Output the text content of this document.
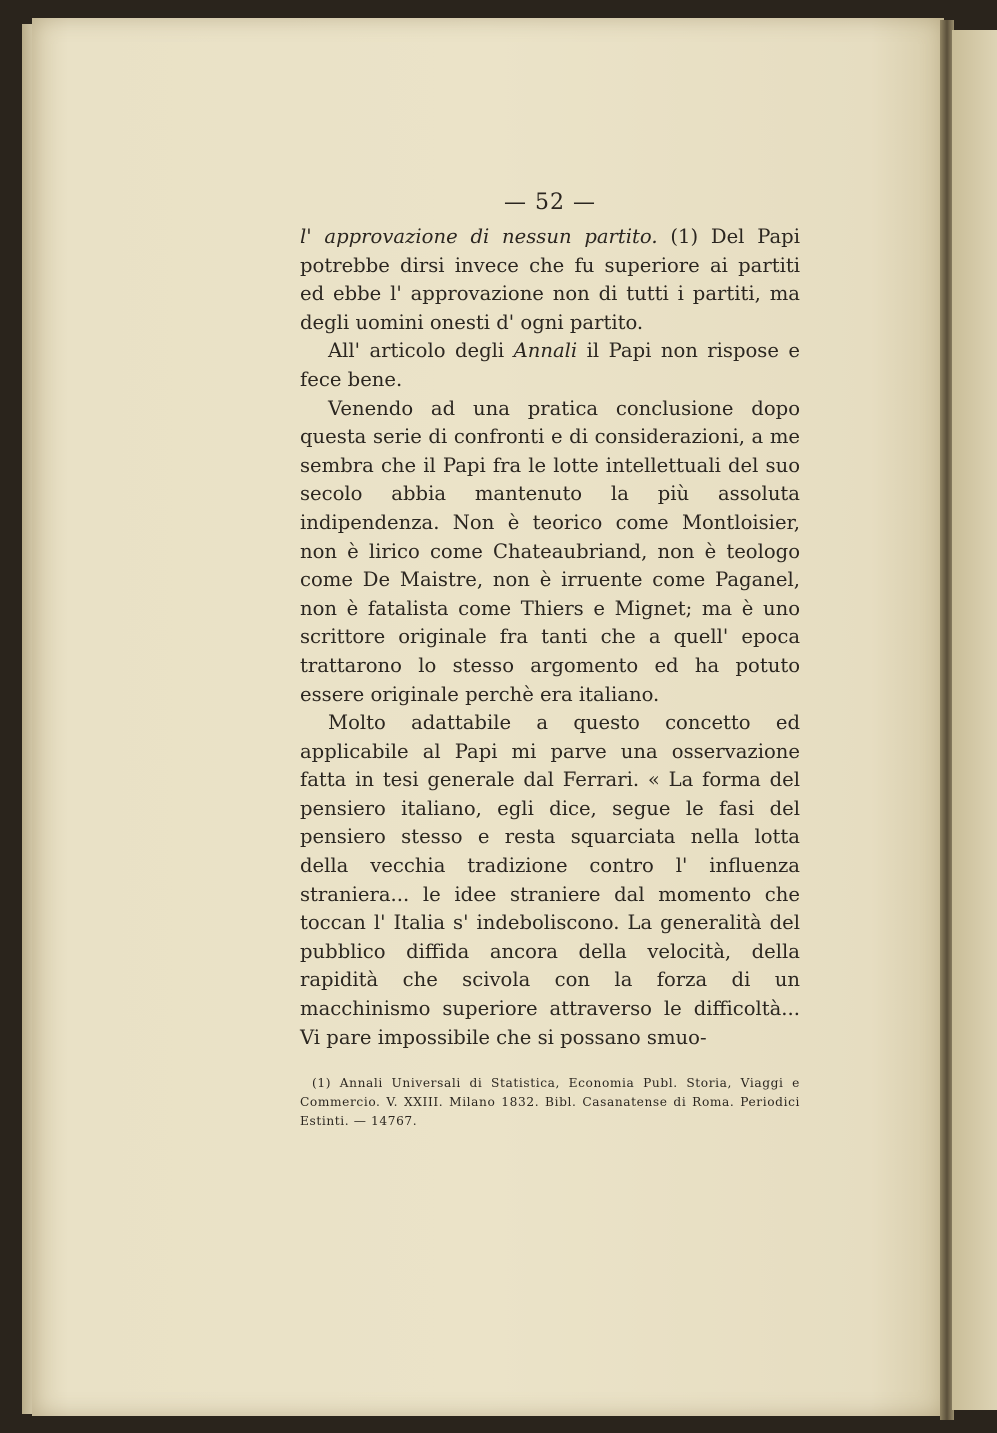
— 52 —

l' approvazione di nessun partito. (1) Del Papi potrebbe dirsi invece che fu superiore ai partiti ed ebbe l' approvazione non di tutti i partiti, ma degli uomini onesti d' ogni partito.

All' articolo degli Annali il Papi non rispose e fece bene.

Venendo ad una pratica conclusione dopo questa serie di confronti e di considerazioni, a me sembra che il Papi fra le lotte intellettuali del suo secolo abbia mantenuto la più assoluta indipendenza. Non è teorico come Montloisier, non è lirico come Chateaubriand, non è teologo come De Maistre, non è irruente come Paganel, non è fatalista come Thiers e Mignet; ma è uno scrittore originale fra tanti che a quell' epoca trattarono lo stesso argomento ed ha potuto essere originale perchè era italiano.

Molto adattabile a questo concetto ed applicabile al Papi mi parve una osservazione fatta in tesi generale dal Ferrari. « La forma del pensiero italiano, egli dice, segue le fasi del pensiero stesso e resta squarciata nella lotta della vecchia tradizione contro l' influenza straniera... le idee straniere dal momento che toccan l' Italia s' indeboliscono. La generalità del pubblico diffida ancora della velocità, della rapidità che scivola con la forza di un macchinismo superiore attraverso le difficoltà... Vi pare impossibile che si possano smuo-

(1) Annali Universali di Statistica, Economia Publ. Storia, Viaggi e Commercio. V. XXIII. Milano 1832. Bibl. Casanatense di Roma. Periodici Estinti. — 14767.
